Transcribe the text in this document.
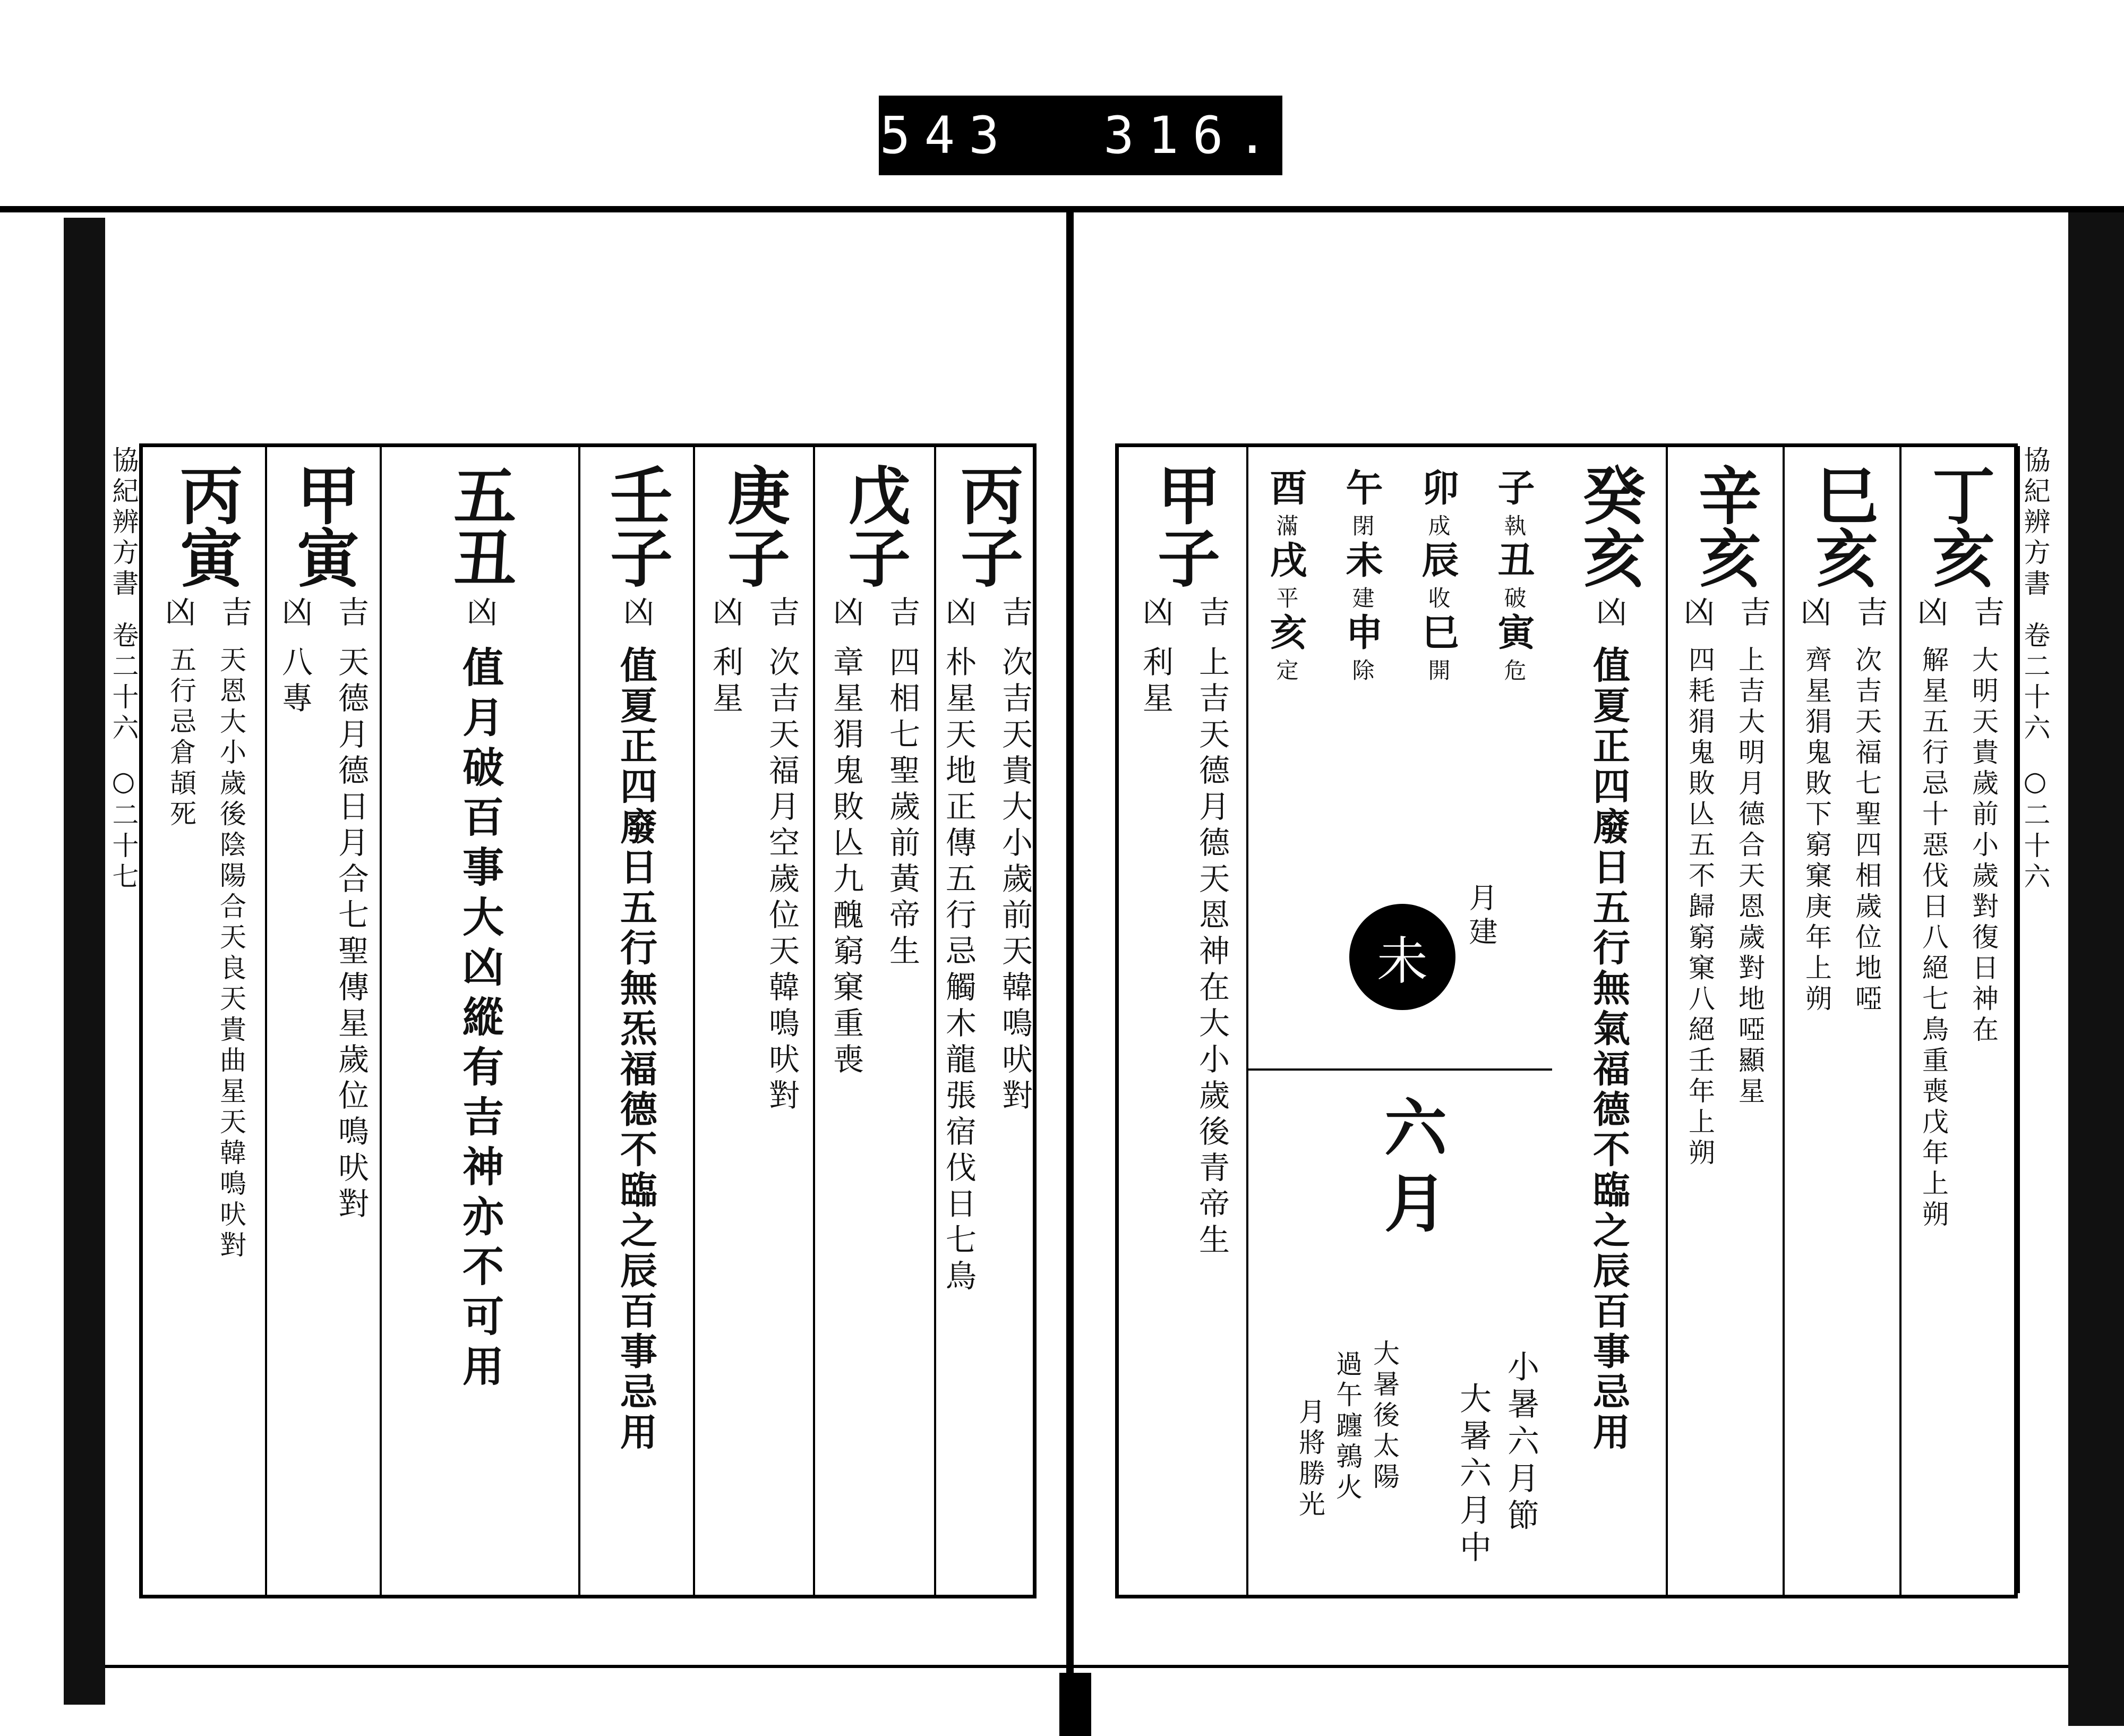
543 316.
協紀辨方書
卷二十六
○二十七
協紀辨方書
卷二十六
○二十六
丙子
吉
凶
次吉
天貴
大小歲前
天韓
鳴吠對
朴星
天地正傳
五行忌
觸木龍
張宿
伐日
七鳥
戊子
吉
凶
四相
七聖
歲前
黃帝生
章星
狷鬼敗亾
九醜
窮窠
重喪
庚子
吉
凶
次吉
天福
月空
歲位
天韓
鳴吠對
利星
壬子
凶
值夏正四廢日五行無炁福德不臨之辰百事忌用
五丑
凶
值月破百事大凶縱有吉神亦不可用
甲寅
吉
凶
天德
月德
日月合
七聖
傳星
歲位
鳴吠對
八專
丙寅
吉
凶
天恩
大小歲後
陰陽合
天良
天貴
曲星
天韓
鳴吠對
五行忌
倉頡死
丁亥
吉
凶
大明
天貴
歲前
小歲對
復日
神在
解星
五行忌
十惡
伐日
八絕
七鳥
重喪
戊年上朔
巳亥
吉
凶
次吉
天福
七聖
四相
歲位
地啞
齊星
狷鬼敗下
窮窠
庚年上朔
辛亥
吉
凶
上吉
大明
月德合
天恩
歲對
地啞
顯星
四耗
狷鬼敗亾
五不歸
窮窠
八絕
壬年上朔
癸亥
凶
值夏正四廢日五行無氣福德不臨之辰百事忌用
子
執
丑
破
寅
危
卯
成
辰
收
巳
開
午
閉
未
建
申
除
酉
滿
戌
平
亥
定
月建
未
六月
小暑六月節
大暑六月中
大暑後太陽
過午躔鶉火
月將勝光
甲子
吉
凶
上吉
天德
月德
天恩
神在
大小歲後
青帝生
利星
